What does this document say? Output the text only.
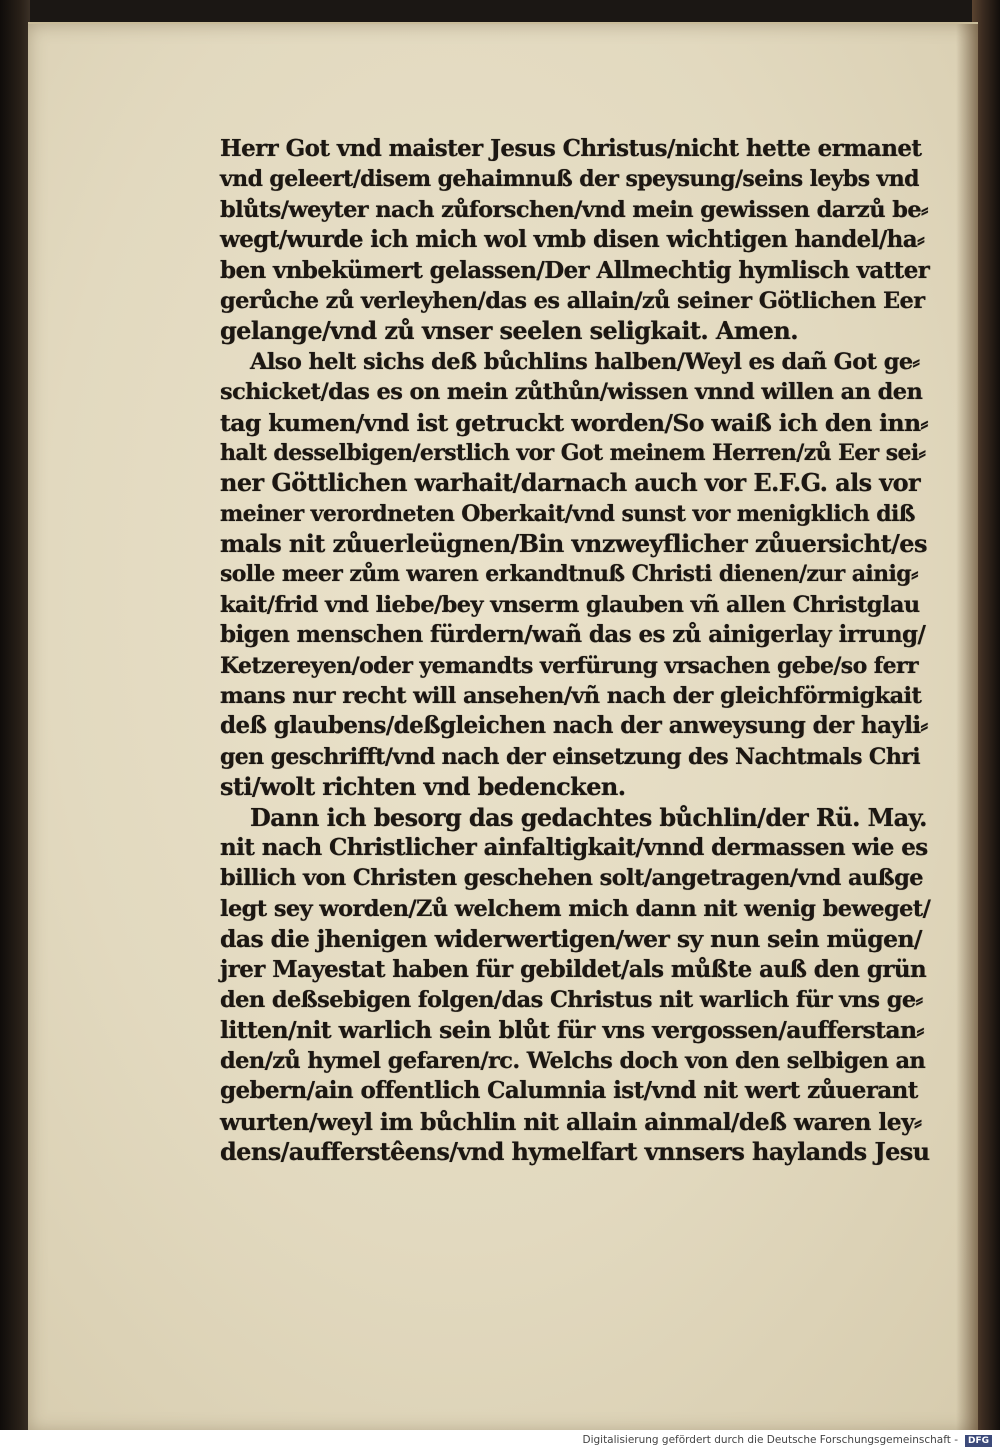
Herr Got vnd maister Jesus Christus/nicht hette ermanet
vnd geleert/disem gehaimnuß der speysung/seins leybs vnd
blůts/weyter nach zůforschen/vnd mein gewissen darzů be⸗
wegt/wurde ich mich wol vmb disen wichtigen handel/ha⸗
ben vnbekümert gelassen/Der Allmechtig hymlisch vatter
gerůche zů verleyhen/das es allain/zů seiner Götlichen Eer
gelange/vnd zů vnser seelen seligkait. Amen.
Also helt sichs deß bůchlins halben/Weyl es dañ Got ge⸗
schicket/das es on mein zůthůn/wissen vnnd willen an den
tag kumen/vnd ist getruckt worden/So waiß ich den inn⸗
halt desselbigen/erstlich vor Got meinem Herren/zů Eer sei⸗
ner Göttlichen warhait/darnach auch vor E.F.G. als vor
meiner verordneten Oberkait/vnd sunst vor menigklich diß
mals nit zůuerleügnen/Bin vnzweyflicher zůuersicht/es
solle meer zům waren erkandtnuß Christi dienen/zur ainig⸗
kait/frid vnd liebe/bey vnserm glauben vñ allen Christglau
bigen menschen fürdern/wañ das es zů ainigerlay irrung/
Ketzereyen/oder yemandts verfürung vrsachen gebe/so ferr
mans nur recht will ansehen/vñ nach der gleichförmigkait
deß glaubens/deßgleichen nach der anweysung der hayli⸗
gen geschrifft/vnd nach der einsetzung des Nachtmals Chri
sti/wolt richten vnd bedencken.
Dann ich besorg das gedachtes bůchlin/der Rü. May.
nit nach Christlicher ainfaltigkait/vnnd dermassen wie es
billich von Christen geschehen solt/angetragen/vnd außge
legt sey worden/Zů welchem mich dann nit wenig beweget/
das die jhenigen widerwertigen/wer sy nun sein mügen/
jrer Mayestat haben für gebildet/als můßte auß den grün
den deßsebigen folgen/das Christus nit warlich für vns ge⸗
litten/nit warlich sein blůt für vns vergossen/aufferstan⸗
den/zů hymel gefaren/rc. Welchs doch von den selbigen an
gebern/ain offentlich Calumnia ist/vnd nit wert zůuerant
wurten/weyl im bůchlin nit allain ainmal/deß waren ley⸗
dens/aufferstêens/vnd hymelfart vnnsers haylands Jesu
Digitalisierung gefördert durch die Deutsche Forschungsgemeinschaft -	DFG
